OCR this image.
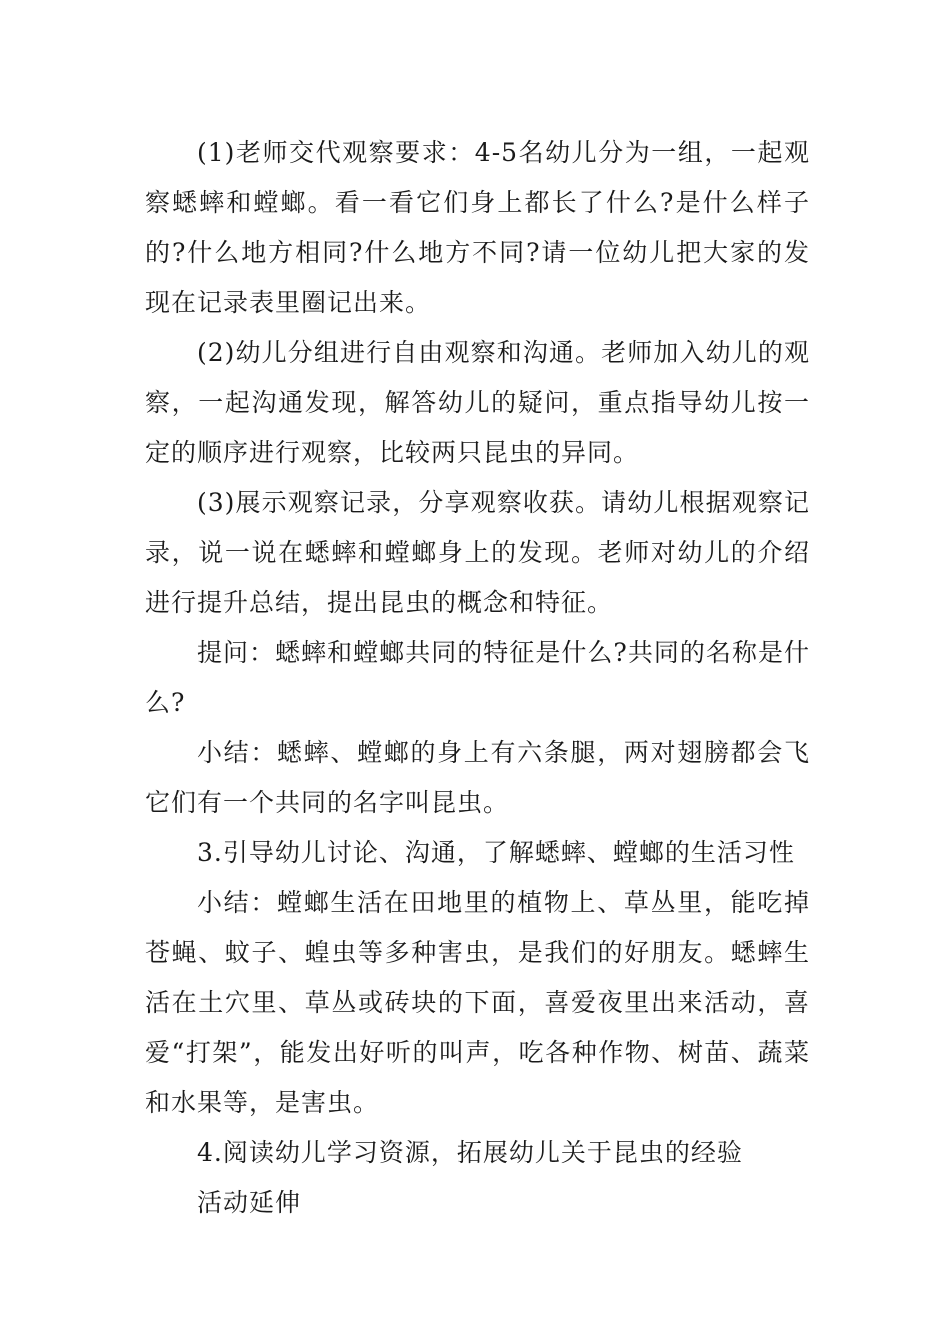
(1)老师交代观察要求：4-5名幼儿分为一组，一起观察蟋蟀和螳螂。看一看它们身上都长了什么?是什么样子的?什么地方相同?什么地方不同?请一位幼儿把大家的发现在记录表里圈记出来。

(2)幼儿分组进行自由观察和沟通。老师加入幼儿的观察，一起沟通发现，解答幼儿的疑问，重点指导幼儿按一定的顺序进行观察，比较两只昆虫的异同。

(3)展示观察记录，分享观察收获。请幼儿根据观察记录，说一说在蟋蟀和螳螂身上的发现。老师对幼儿的介绍进行提升总结，提出昆虫的概念和特征。

提问：蟋蟀和螳螂共同的特征是什么?共同的名称是什么?

小结：蟋蟀、螳螂的身上有六条腿，两对翅膀都会飞它们有一个共同的名字叫昆虫。

3.引导幼儿讨论、沟通，了解蟋蟀、螳螂的生活习性

小结：螳螂生活在田地里的植物上、草丛里，能吃掉苍蝇、蚊子、蝗虫等多种害虫，是我们的好朋友。蟋蟀生活在土穴里、草丛或砖块的下面，喜爱夜里出来活动，喜爱“打架”，能发出好听的叫声，吃各种作物、树苗、蔬菜和水果等，是害虫。

4.阅读幼儿学习资源，拓展幼儿关于昆虫的经验

活动延伸
